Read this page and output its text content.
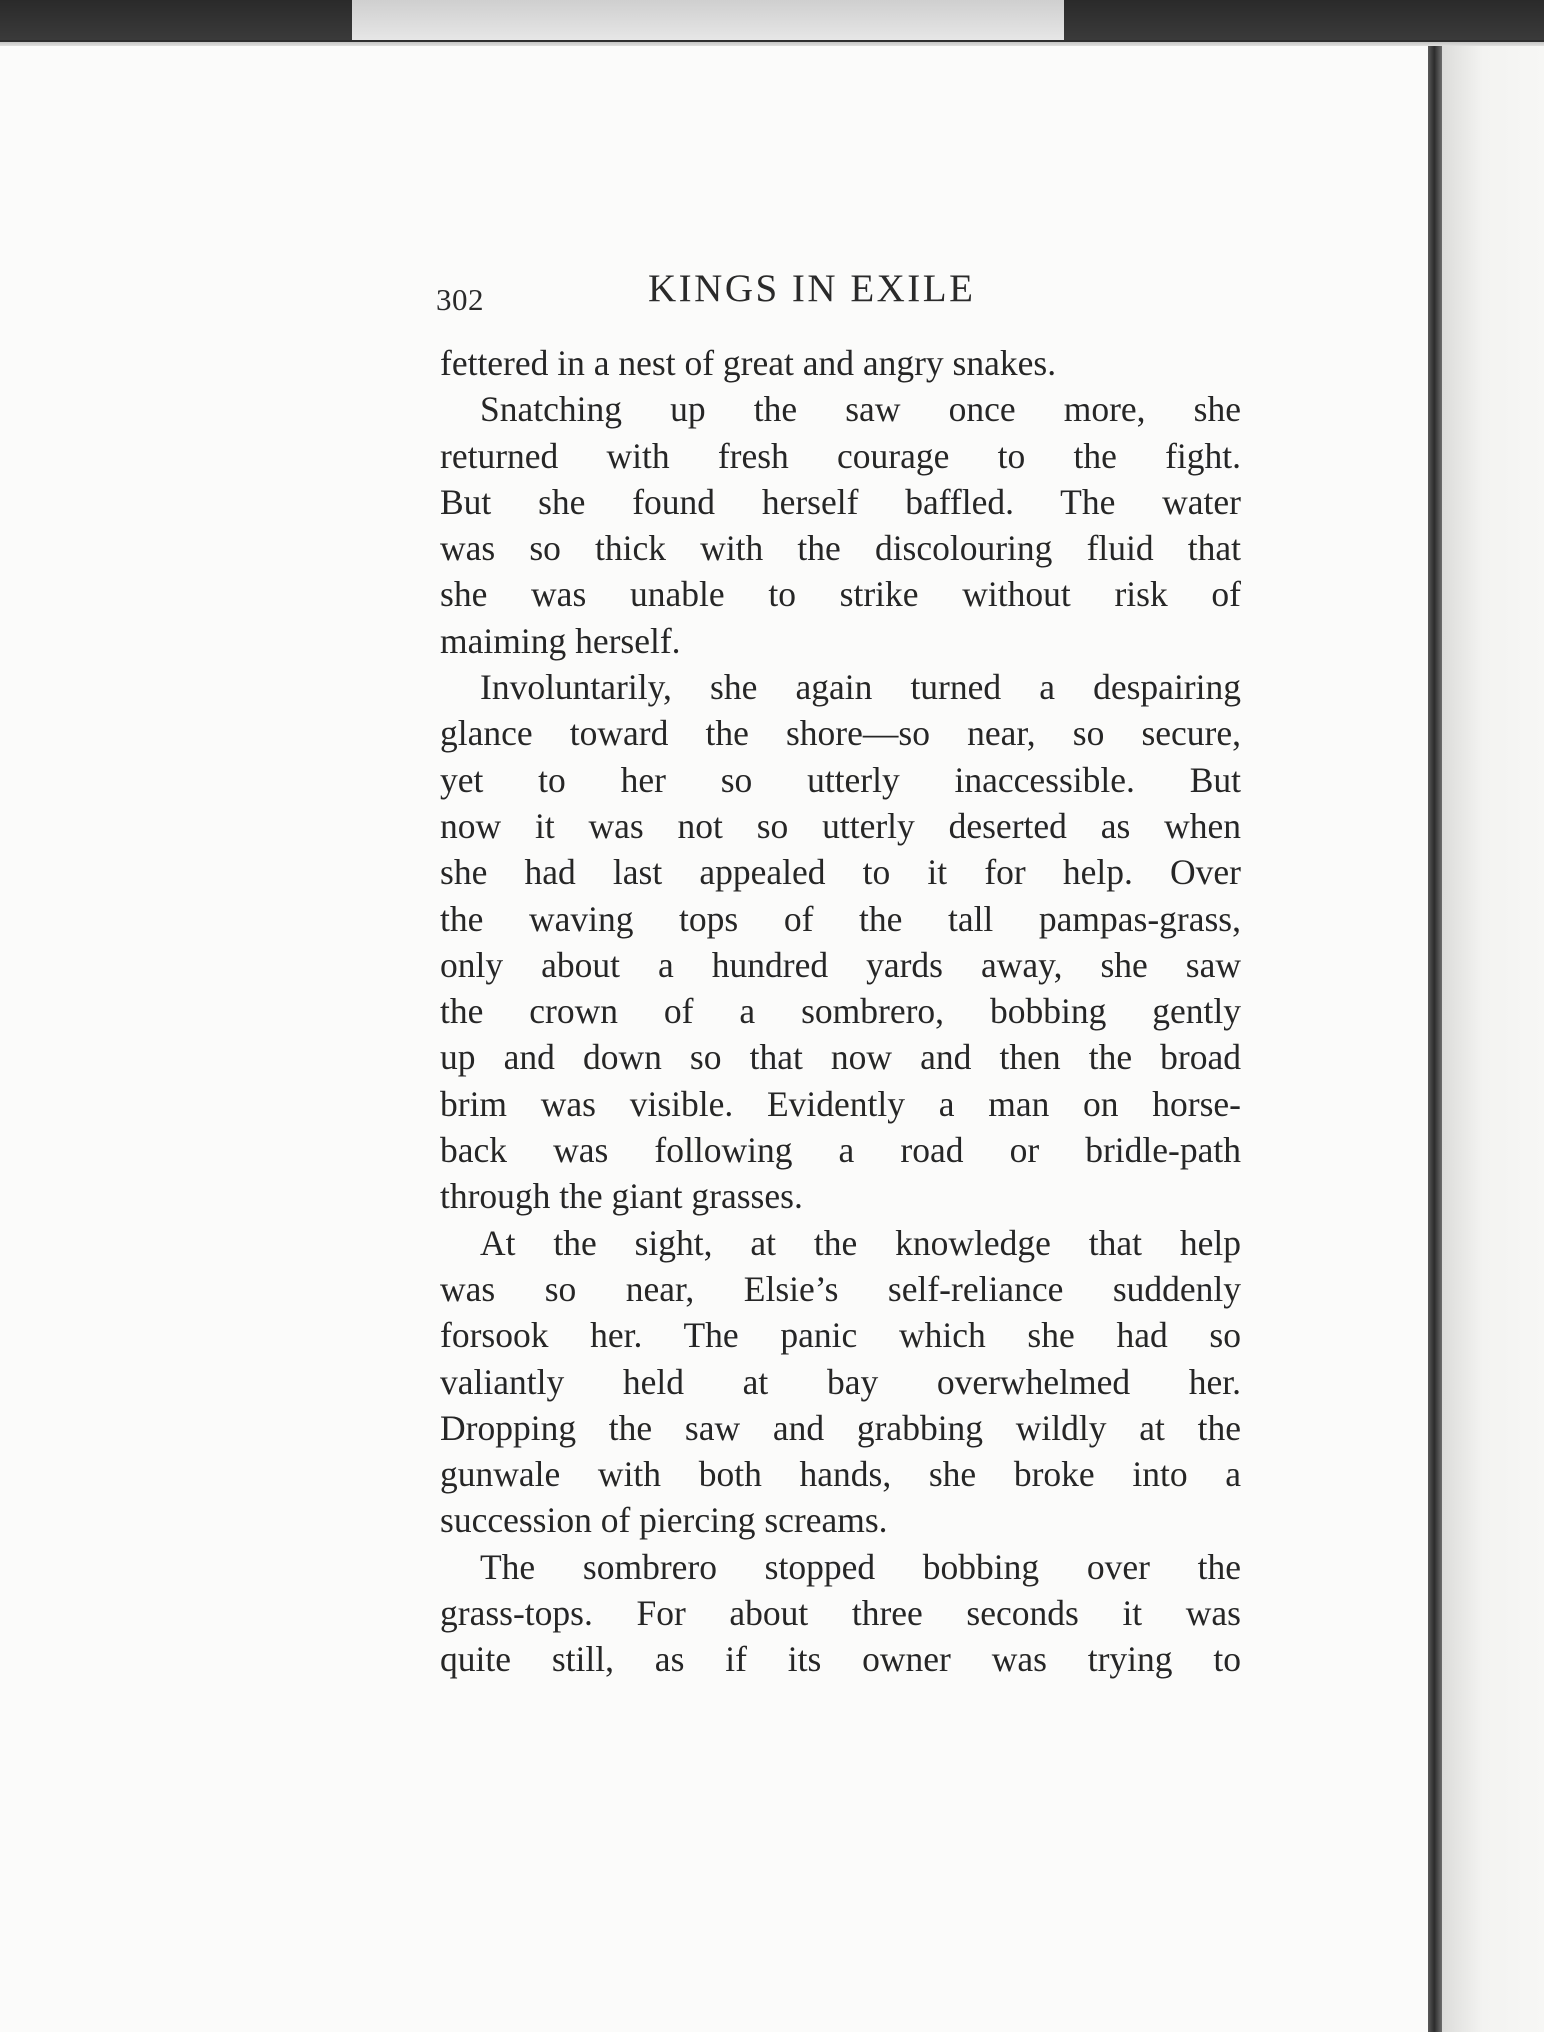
302	KINGS IN EXILE
fettered in a nest of great and angry snakes.
Snatching up the saw once more, she
returned with fresh courage to the fight.
But she found herself baffled. The water
was so thick with the discolouring fluid that
she was unable to strike without risk of
maiming herself.
Involuntarily, she again turned a despairing
glance toward the shore—so near, so secure,
yet to her so utterly inaccessible. But
now it was not so utterly deserted as when
she had last appealed to it for help. Over
the waving tops of the tall pampas-grass,
only about a hundred yards away, she saw
the crown of a sombrero, bobbing gently
up and down so that now and then the broad
brim was visible. Evidently a man on horse-
back was following a road or bridle-path
through the giant grasses.
At the sight, at the knowledge that help
was so near, Elsie’s self-reliance suddenly
forsook her. The panic which she had so
valiantly held at bay overwhelmed her.
Dropping the saw and grabbing wildly at the
gunwale with both hands, she broke into a
succession of piercing screams.
The sombrero stopped bobbing over the
grass-tops. For about three seconds it was
quite still, as if its owner was trying to
